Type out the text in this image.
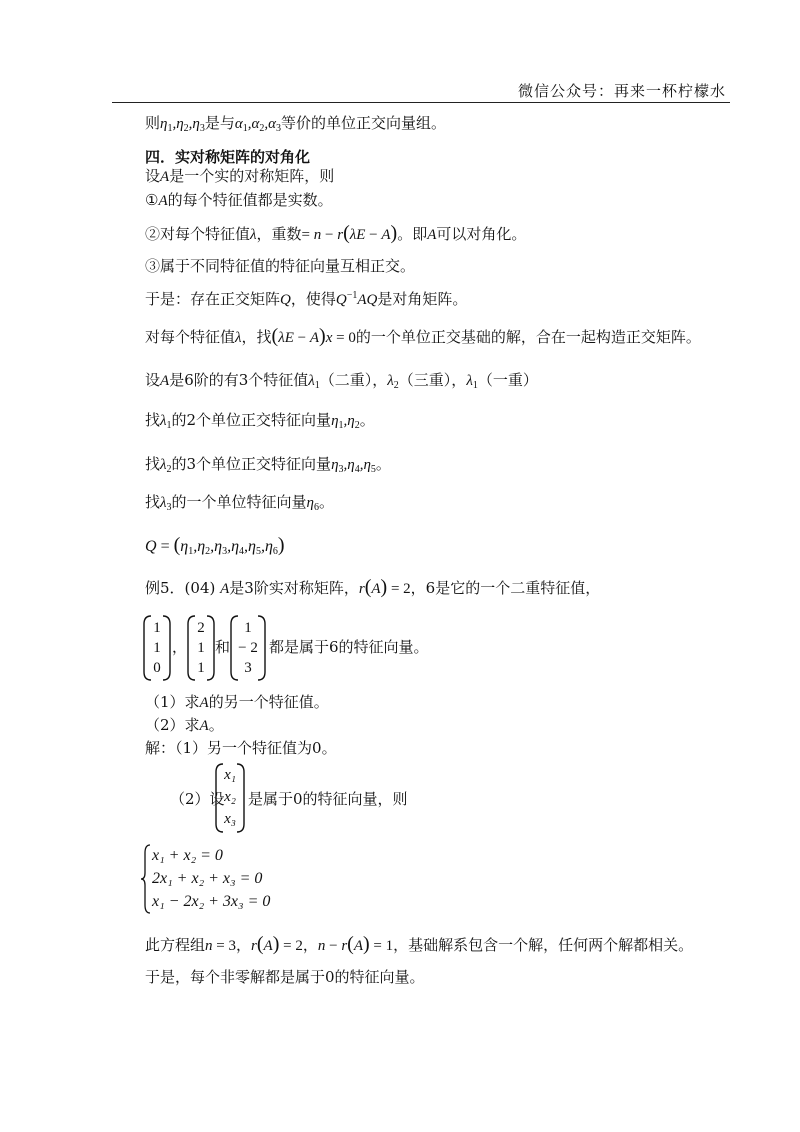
微信公众号：再来一杯柠檬水
则$\eta_1,\eta_2,\eta_3$是与$\alpha_1,\alpha_2,\alpha_3$等价的单位正交向量组。
四．实对称矩阵的对角化
设A是一个实的对称矩阵，则
①A的每个特征值都是实数。
②对每个特征值λ，重数= n − r(λE − A)。即A可以对角化。
③属于不同特征值的特征向量互相正交。
于是：存在正交矩阵Q，使得$Q^{-1}AQ$是对角矩阵。
对每个特征值λ，找(λE − A)x = 0的一个单位正交基础的解，合在一起构造正交矩阵。
设A是6阶的有3个特征值$\lambda_1$（二重），$\lambda_2$（三重），$\lambda_1$（一重）
找$\lambda_1$的2个单位正交特征向量$\eta_1,\eta_2$。
找$\lambda_2$的3个单位正交特征向量$\eta_3,\eta_4,\eta_5$。
找$\lambda_3$的一个单位特征向量$\eta_6$。
$Q = (\eta_1,\eta_2,\eta_3,\eta_4,\eta_5,\eta_6)$
例5．(04) A是3阶实对称矩阵，r(A) = 2，6是它的一个二重特征值，
1
1
0
，
2
1
1
和
1
− 2
3
都是属于6的特征向量。
（1）求A的另一个特征值。
（2）求A。
解：（1）另一个特征值为0。
（2）设
x₁
x₂
x₃
是属于0的特征向量，则
x₁ + x₂ = 0
2x₁ + x₂ + x₃ = 0
x₁ − 2x₂ + 3x₃ = 0
此方程组n = 3，r(A) = 2，n − r(A) = 1，基础解系包含一个解，任何两个解都相关。
于是，每个非零解都是属于0的特征向量。
